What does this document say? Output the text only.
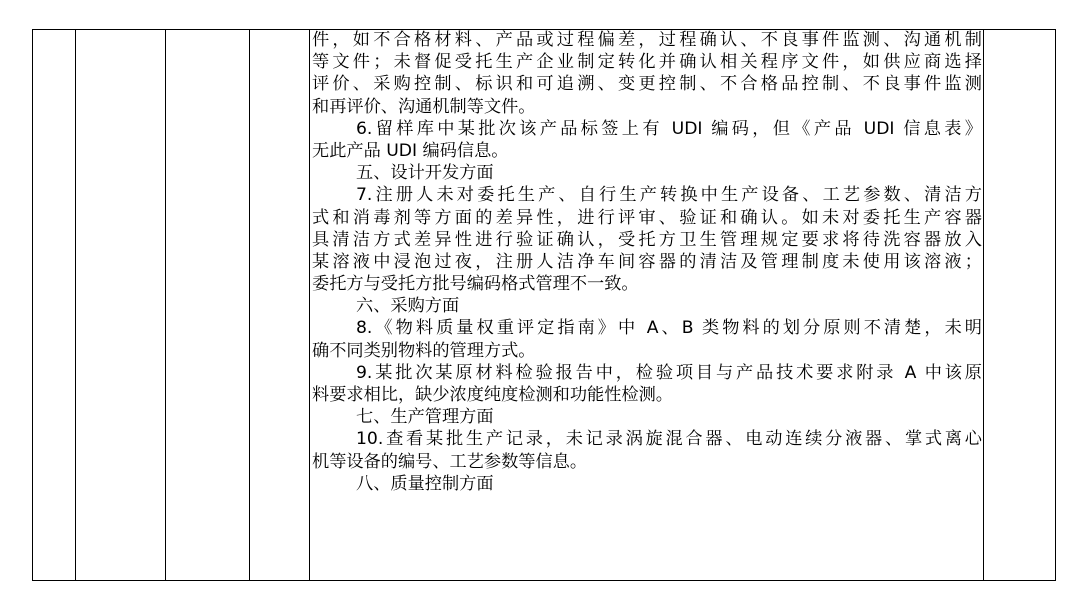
件，如不合格材料、产品或过程偏差，过程确认、不良事件监测、沟通机制
等文件；未督促受托生产企业制定转化并确认相关程序文件，如供应商选择
评价、采购控制、标识和可追溯、变更控制、不合格品控制、不良事件监测
和再评价、沟通机制等文件。
6.留样库中某批次该产品标签上有 UDI 编码，但《产品 UDI 信息表》
无此产品 UDI 编码信息。
五、设计开发方面
7.注册人未对委托生产、自行生产转换中生产设备、工艺参数、清洁方
式和消毒剂等方面的差异性，进行评审、验证和确认。如未对委托生产容器
具清洁方式差异性进行验证确认，受托方卫生管理规定要求将待洗容器放入
某溶液中浸泡过夜，注册人洁净车间容器的清洁及管理制度未使用该溶液；
委托方与受托方批号编码格式管理不一致。
六、采购方面
8.《物料质量权重评定指南》中 A、B 类物料的划分原则不清楚，未明
确不同类别物料的管理方式。
9.某批次某原材料检验报告中，检验项目与产品技术要求附录 A 中该原
料要求相比，缺少浓度纯度检测和功能性检测。
七、生产管理方面
10.查看某批生产记录，未记录涡旋混合器、电动连续分液器、掌式离心
机等设备的编号、工艺参数等信息。
八、质量控制方面
